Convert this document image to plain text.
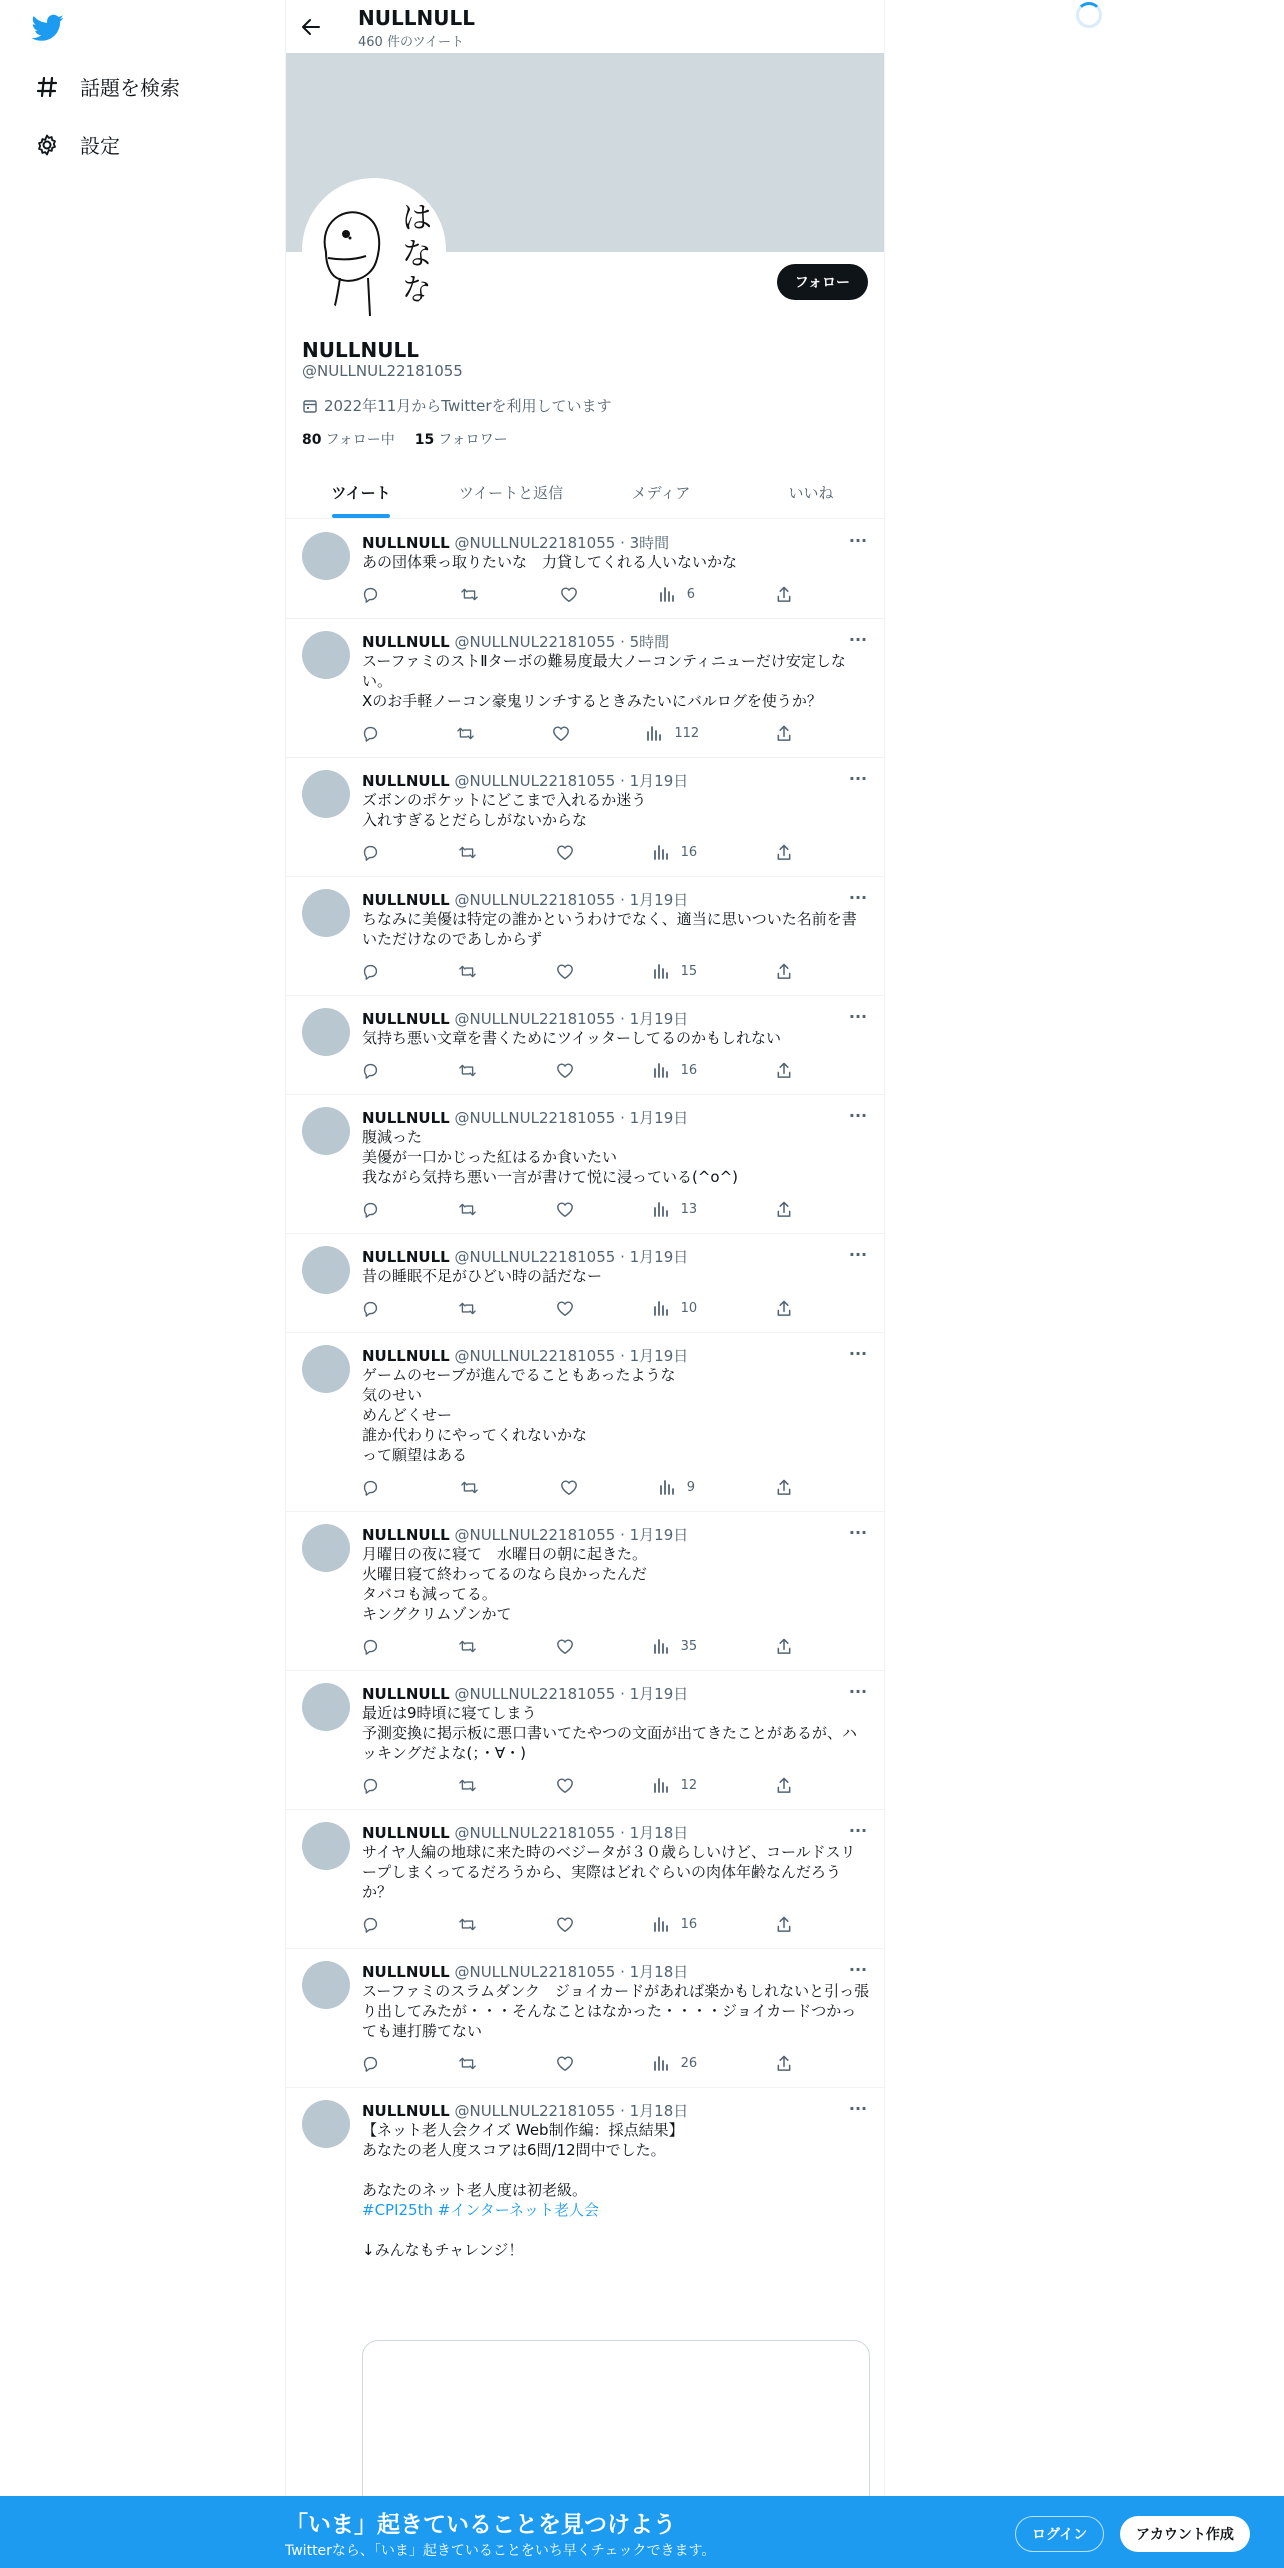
話題を検索
設定
NULLNULL
460 件のツイート
は
な
な	フォロー
NULLNULL
@NULLNUL22181055
2022年11月からTwitterを利用しています
80 フォロー中 15 フォロワー
ツイート	ツイートと返信	メディア	いいね
NULLNULL @NULLNUL22181055 · 3時間	···
あの団体乗っ取りたいな　力貸してくれる人いないかな
6
NULLNULL @NULLNUL22181055 · 5時間	···
スーファミのストⅡターボの難易度最大ノーコンティニューだけ安定しない。
Xのお手軽ノーコン豪鬼リンチするときみたいにバルログを使うか？
112
NULLNULL @NULLNUL22181055 · 1月19日	···
ズボンのポケットにどこまで入れるか迷う
入れすぎるとだらしがないからな
16
NULLNULL @NULLNUL22181055 · 1月19日	···
ちなみに美優は特定の誰かというわけでなく、適当に思いついた名前を書いただけなのであしからず
15
NULLNULL @NULLNUL22181055 · 1月19日	···
気持ち悪い文章を書くためにツイッターしてるのかもしれない
16
NULLNULL @NULLNUL22181055 · 1月19日	···
腹減った
美優が一口かじった紅はるか食いたい
我ながら気持ち悪い一言が書けて悦に浸っている(^o^)
13
NULLNULL @NULLNUL22181055 · 1月19日	···
昔の睡眠不足がひどい時の話だなー
10
NULLNULL @NULLNUL22181055 · 1月19日	···
ゲームのセーブが進んでることもあったような
気のせい
めんどくせー
誰か代わりにやってくれないかな
って願望はある
9
NULLNULL @NULLNUL22181055 · 1月19日	···
月曜日の夜に寝て　水曜日の朝に起きた。
火曜日寝て終わってるのなら良かったんだ
タバコも減ってる。
キングクリムゾンかて
35
NULLNULL @NULLNUL22181055 · 1月19日	···
最近は9時頃に寝てしまう
予測変換に掲示板に悪口書いてたやつの文面が出てきたことがあるが、ハッキングだよな(；・∀・)
12
NULLNULL @NULLNUL22181055 · 1月18日	···
サイヤ人編の地球に来た時のベジータが３０歳らしいけど、コールドスリープしまくってるだろうから、実際はどれぐらいの肉体年齢なんだろうか？
16
NULLNULL @NULLNUL22181055 · 1月18日	···
スーファミのスラムダンク　ジョイカードがあれば楽かもしれないと引っ張り出してみたが・・・そんなことはなかった・・・・ジョイカードつかっても連打勝てない
26
NULLNULL @NULLNUL22181055 · 1月18日	···
【ネット老人会クイズ Web制作編：採点結果】
あなたの老人度スコアは6問/12問中でした。

あなたのネット老人度は初老級。
#CPI25th #インターネット老人会

↓みんなもチャレンジ！
「いま」起きていることを見つけよう
Twitterなら、「いま」起きていることをいち早くチェックできます。
ログイン	アカウント作成
